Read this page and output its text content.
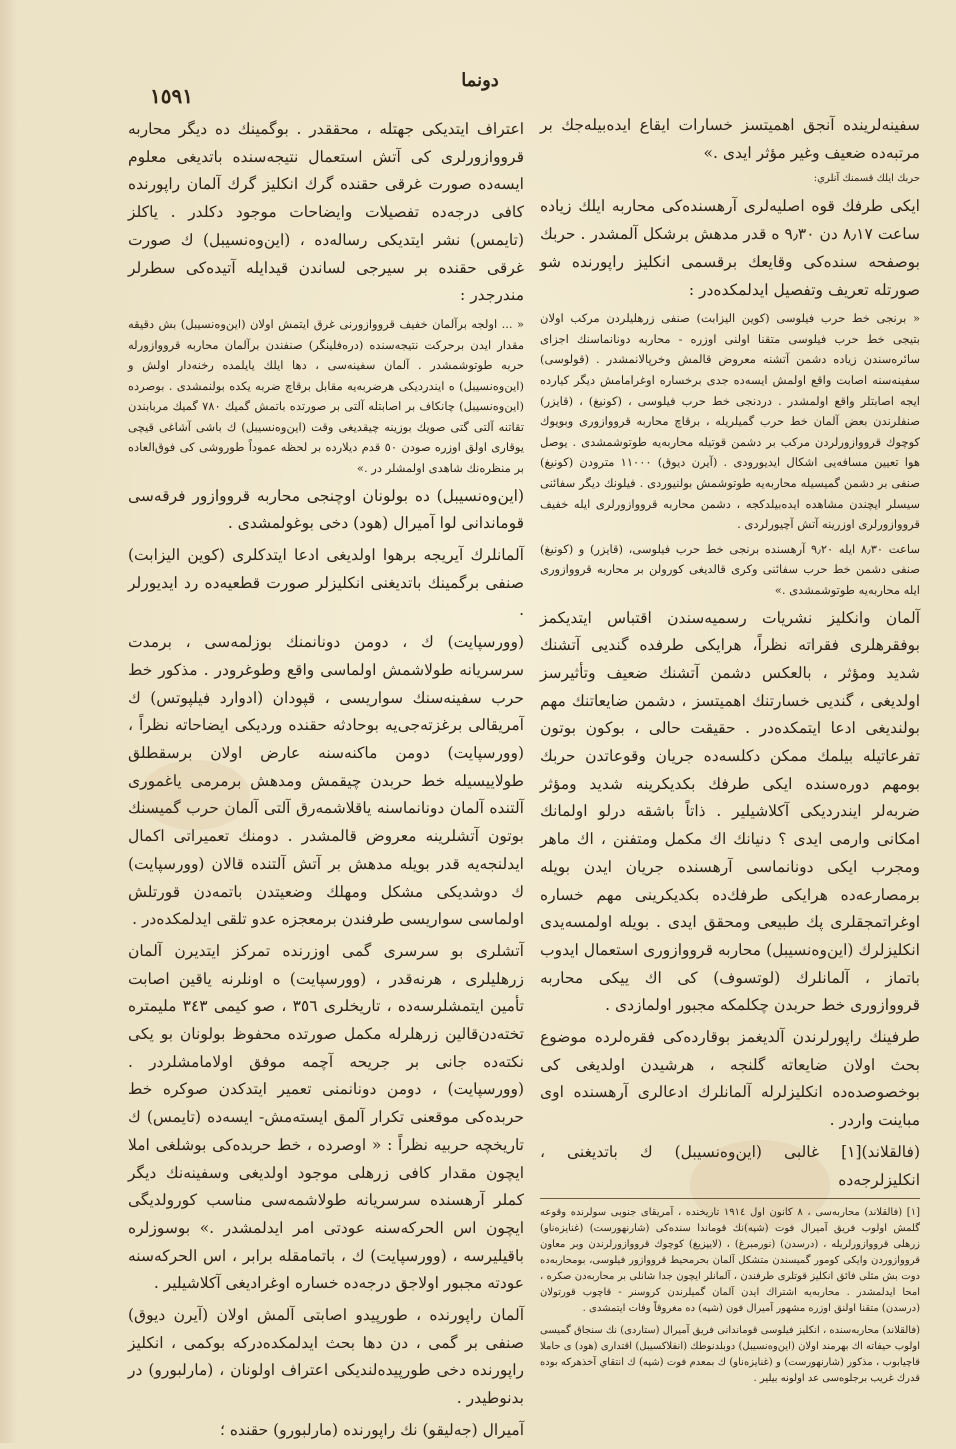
دونما
١٥٩١

سفينه‌لرينده آنجق اهميتسز خسارات ايقاع ايده‌بيله‌جك بر مرتبه‌ده ضعيف وغير مؤثر ايدى .»

حربك ايلك قسمنك آنلري:

ايكى طرفك قوه اصليه‌لرى آرهسنده‌كى محاربه ايلك زياده ساعت ٨٫١٧ دن ٩٫٣٠ ه قدر مدهش برشكل آلمشدر . حربك بوصفحه سنده‌كى وقايعك برقسمى انكليز راپورنده شو صورتله تعريف وتفصيل ايدلمكده‌در :

« برنجى خط حرب فيلوسى (كوين اليزابت) صنفى زرهليلردن مركب اولان بتيجى خط حرب فيلوسى متقنا اولنى اوزره - محاربه دونانماسنك اجزاى سائره‌سندن زياده دشمن آتشنه معروض قالمش وخرپالانمشدر . (قولوسى) سفينه‌سنه اصابت واقع اولمش ايسه‌ده جدى برخساره اوغرامامش ديگر كيارده ايجه اصابتلر واقع اولمشدر . دردنجى خط حرب فيلوسى ، (كونيغ) ، (قايزر) صنفلرندن بعض آلمان خط حرب گميلريله ، برقاچ محاربه قرووازورى وبويوك كوچوك قرووازورلردن مركب بر دشمن قوتيله محاربه‌يه طوتوشمشدى . يوصل هوا تعيين مسافه‌يى اشكال ايديورودى . (آيرن ديوق) ١١٠٠٠ مترودن (كونيغ) صنفى بر دشمن گميسيله محاربه‌يه طوتوشمش بولنيوردى . فيلونك ديگر سفائنى سيسلر ايچندن مشاهده ايده‌بيلدكجه ، دشمن محاربه قرووازورلرى ايله خفيف قرووازورلرى اوزرينه آتش آچيورلردى .

ساعت ٨٫٣٠ ايله ٩٫٢٠ آرهسنده برنجى خط حرب فيلوسى، (قايزر) و (كونيغ) صنفى دشمن خط حرب سفائنى وكرى قالديغى كورولن بر محاربه قرووازورى ايله محاربه‌يه طوتوشمشدى .»

آلمان وانكليز نشريات رسميه‌سندن اقتباس ايتديكمز بوفقرهلرى فقراته نظراً، هرايكى طرفده گنديى آتشنك شديد ومؤثر ، بالعكس دشمن آتشنك ضعيف وتأثيرسز اولديغى ، گنديى خسارتنك اهميتسز ، دشمن ضايعاتنك مهم بولنديغى ادعا ايتمكده‌در . حقيقت حالى ، بوكون بوتون تفرعاتيله بيلمك ممكن دكلسه‌ده جريان وقوعاتدن حربك بومهم دوره‌سنده ايكى طرفك بكديكرينه شديد ومؤثر ضربه‌لر ايندرديكى آكلاشيلير . ذاتاً باشقه درلو اولمانك امكانى وارمى ايدى ؟ دنيانك اك مكمل ومتفنن ، اك ماهر ومجرب ايكى دونانماسى آرهسنده جريان ايدن بويله برمصارعه‌ده هرايكى طرفك‌ده بكديكرينى مهم خساره اوغراتمجقلرى پك طبيعى ومحقق ايدى . بويله اولمسه‌يدى انكليزلرك (اين‌وه‌نسيبل) محاربه قرووازورى استعمال ايدوب باتماز ، آلمانلرك (لوتسوف) كى اك ييكى محاربه قرووازورى خط حربدن چكلمكه مجبور اولمازدى .

طرفينك راپورلرندن آلديغمز بوقارده‌كى فقره‌لرده موضوع بحث اولان ضايعاته گلنجه ، هرشيدن اولديغى كى بوخصوصده‌ده انكليزلرله آلمانلرك ادعالرى آرهسنده اوى مباينت واردر .

(فالقلاند)[١] غالبى (اين‌وه‌نسيبل) ك باتديغنى ، انكليزلرجه‌ده

[١] (فالقلاند) محاربه‌سى ، ٨ كانون اول ١٩١٤ تاريخنده ، آمريقاى جنوبى سولرنده وقوعه گلمش اولوب فريق آميرال فوت (شپه)نك قوماندا سنده‌كى (شارنهورست) (غنايزه‌ناو) زرهلى قرووازورلريله ، (درسدن) (نورمبرغ) ، (لايپزيغ) كوچوك قرووازورلرندن وبر معاون قرووازوردن وايكى كومور گميسندن متشكل آلمان بحرمحيط قرووازور فيلوسى، بومحاربه‌ده دوت بش مثلى فائق انكليز قوتلرى طرفندن ، آلمانلر ايچون جدا شانلى بر محاربه‌دن صكره ، امحا ايدلمشدر . محاربه‌يه اشتراك ايدن آلمان گميلرندن كروسنر - قاچوب قورتولان (درسدن) متقنا اولنق اوزره مشهور آميرال فون (شپه) ده مغروقاً وفات ايتمشدى .

(فالقلاند) محاربه‌سنده ، انكليز فيلوسى قوماندانى فريق آميرال (ستاردى) نك سنجاق گميسى اولوب حيفاته اك بهرمند اولان (اين‌وه‌نسيبل) دوبلدنوطك (انفلاكسيبل) اقتدارى (هود) ى حاملا قاچيابوب ، مذكور (شارنهورست) و (غنايزه‌ناو) ك بمعدم فوت (شپه) ك انتقاي آخذهركه بوده قدرك غريب برجلوه‌سى عد اولونه بيلير .

اعتراف ايتديكى جهتله ، محققدر . بوگمينك ده ديگر محاربه قرووازورلرى كى آتش استعمال نتيجه‌سنده باتديغى معلوم ايسه‌ده صورت غرقى حقنده گرك انكليز گرك آلمان راپورنده كافى درجه‌ده تفصيلات وايضاحات موجود دكلدر . ياكلز (تايمس) نشر ايتديكى رساله‌ده ، (اين‌وه‌نسيبل) ك صورت غرقى حقنده بر سيرجى لساندن قيدايله آتيده‌كى سطرلر مندرجدر :

« ... اولجه برآلمان خفيف قرووازورنى غرق ايتمش اولان (اين‌وه‌نسيبل) بش دقيقه مقدار ايدن برحركت نتيجه‌سنده (دره‌فلينگر) صنفندن برآلمان محاربه قرووازورله حربه طوتوشمشدر . آلمان سفينه‌سى ، دها ايلك يايلمده رخنه‌دار اولش و (اين‌وه‌نسيبل) ه ايندرديكى هرضربه‌يه مقابل برقاچ ضربه يكده بولنمشدى . بوصرده (اين‌وه‌نسيبل) چانكاف بر اصابتله آلتى بر صورتده باتمش گميك ٧٨٠ گميك مربابندن تقاتنه آلتى گتى صويك بوزينه چيقديغى وقت (اين‌وه‌نسيبل) ك باشى آشاغى قيچى يوقارى اولق اوزره صودن ٥٠ قدم ديلارده بر لحظه عموداً طوروشى كى فوق‌العاده بر منظره‌نك شاهدى اولمشلر در .»

(اين‌وه‌نسيبل) ده بولونان اوچنجى محاربه قرووازور فرقه‌سى قوماندانى لوا آميرال (هود) دخى بوغولمشدى .

آلمانلرك آيريجه برهوا اولديغى ادعا ايتدكلرى (كوين اليزابت) صنفى برگمينك باتديغنى انكليزلر صورت قطعيه‌ده رد ايديورلر .

(وورسپايت) ك ، دومن دونانمنك بوزلمه‌سى ، برمدت سرسريانه طولاشمش اولماسى واقع وطوغرودر . مذكور خط حرب سفينه‌سنك سواريسى ، قپودان (ادوارد فيلپوتس) ك آمريقالى برغزته‌جى‌يه بوحادثه حقنده ورديكى ايضاحاته نظراً ، (وورسپايت) دومن ماكنه‌سنه عارض اولان برسقطلق طولاييسيله خط حربدن چيقمش ومدهش برمرمى ياغمورى آلتنده آلمان دونانماسنه ياقلاشمه‌رق آلتى آلمان حرب گميسنك بوتون آتشلرينه معروض قالمشدر . دومنك تعميراتى اكمال ايدلنجه‌يه قدر بويله مدهش بر آتش آلتنده قالان (وورسپايت) ك دوشديكى مشكل ومهلك وضعيتدن باتمه‌دن قورتلش اولماسى سواريسى طرفندن برمعجزه عدو تلقى ايدلمكده‌در .

آتشلرى بو سرسرى گمى اوزرنده تمركز ايتديرن آلمان زرهليلرى ، هرنه‌قدر ، (وورسپايت) ه اونلرنه ياقين اصابت تأمين ايتمشلرسه‌ده ، تاريخلرى ٣٥٦ ، صو كيمى ٣٤٣ مليمتره تخته‌دن‌قالين زرهلرله مكمل صورتده محفوظ بولونان بو يكى نكته‌ده جانى بر جريحه آچمه موفق اولامامشلردر . (وورسپايت) ، دومن دونانمنى تعمير ايتدكدن صوكره خط حربده‌كى موقعنى تكرار آلمق ايسته‌مش- ايسه‌ده (تايمس) ك تاريخچه حربيه نظراً : « اوصرده ، خط حربده‌كى بوشلغى املا ايچون مقدار كافى زرهلى موجود اولديغى وسفينه‌نك ديگر كملر آرهسنده سرسريانه طولاشمه‌سى مناسب كورولديگى ايچون اس الحركه‌سنه عودتى امر ايدلمشدر .» بوسوزلره باقيليرسه ، (وورسپايت) ك ، باتمامقله برابر ، اس الحركه‌سنه عودته مجبور اولاجق درجه‌ده خساره اوغراديغى آكلاشيلير .

آلمان راپورنده ، طورپيدو اصابتى آلمش اولان (آيرن ديوق) صنفى بر گمى ، دن دها بحث ايدلمكده‌دركه بوكمى ، انكليز راپورنده دخى طورپيده‌لنديكى اعتراف اولونان ، (مارلبورو) در بدنوطيدر .

آميرال (جه‌ليقو) نك راپورنده (مارلبورو) حقنده ؛
